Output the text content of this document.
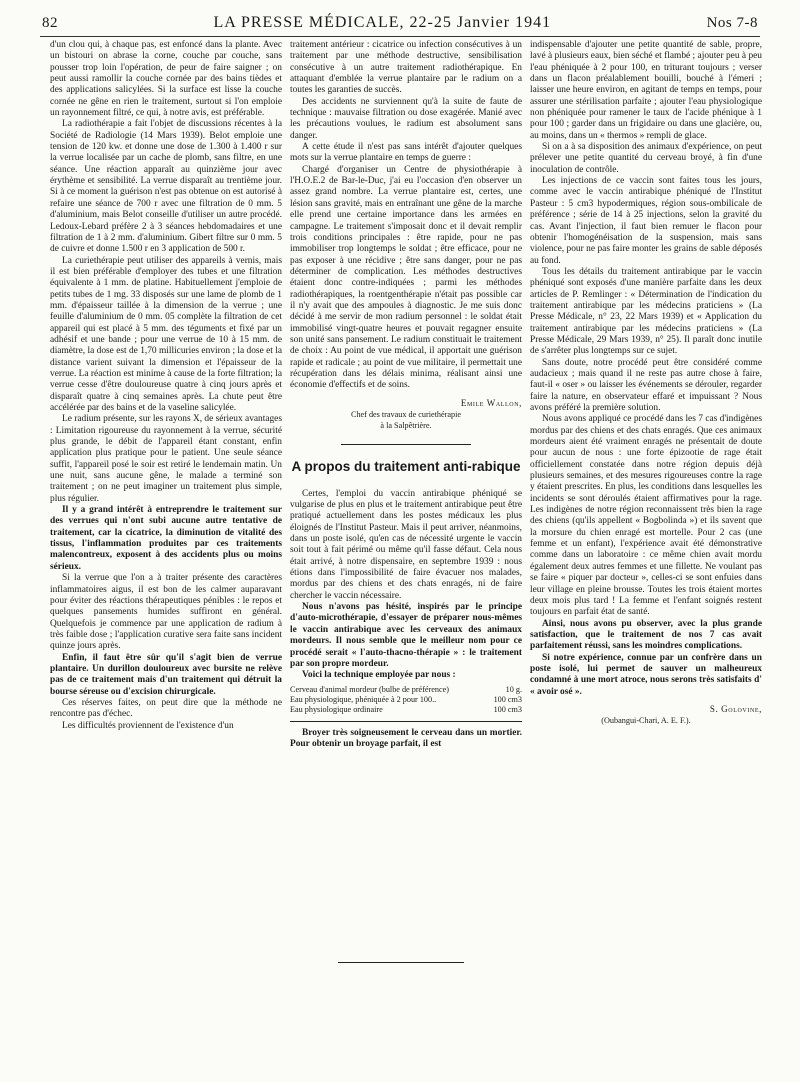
82	LA PRESSE MÉDICALE, 22-25 Janvier 1941	Nos 7-8

d'un clou qui, à chaque pas, est enfoncé dans la plante. Avec un bistouri on abrase la corne, couche par couche, sans pousser trop loin l'opération, de peur de faire saigner ; on peut aussi ramollir la couche cornée par des bains tièdes et des applications salicylées. Si la surface est lisse la couche cornée ne gêne en rien le traitement, surtout si l'on emploie un rayonnement filtré, ce qui, à notre avis, est préférable.

La radiothérapie a fait l'objet de discussions récentes à la Société de Radiologie (14 Mars 1939). Belot emploie une tension de 120 kw. et donne une dose de 1.300 à 1.400 r sur la verrue localisée par un cache de plomb, sans filtre, en une séance. Une réaction apparaît au quinzième jour avec érythème et sensibilité. La verrue disparaît au trentième jour. Si à ce moment la guérison n'est pas obtenue on est autorisé à refaire une séance de 700 r avec une filtration de 0 mm. 5 d'aluminium, mais Belot conseille d'utiliser un autre procédé. Ledoux-Lebard préfère 2 à 3 séances hebdomadaires et une filtration de 1 à 2 mm. d'aluminium. Gibert filtre sur 0 mm. 5 de cuivre et donne 1.500 r en 3 application de 500 r.

La curiethérapie peut utiliser des appareils à vernis, mais il est bien préférable d'employer des tubes et une filtration équivalente à 1 mm. de platine. Habituellement j'emploie de petits tubes de 1 mg. 33 disposés sur une lame de plomb de 1 mm. d'épaisseur taillée à la dimension de la verrue ; une feuille d'aluminium de 0 mm. 05 complète la filtration de cet appareil qui est placé à 5 mm. des téguments et fixé par un adhésif et une bande ; pour une verrue de 10 à 15 mm. de diamètre, la dose est de 1,70 millicuries environ ; la dose et la distance varient suivant la dimension et l'épaisseur de la verrue. La réaction est minime à cause de la forte filtration; la verrue cesse d'être douloureuse quatre à cinq jours après et disparaît quatre à cinq semaines après. La chute peut être accélérée par des bains et de la vaseline salicylée.

Le radium présente, sur les rayons X, de sérieux avantages : Limitation rigoureuse du rayonnement à la verrue, sécurité plus grande, le débit de l'appareil étant constant, enfin application plus pratique pour le patient. Une seule séance suffit, l'appareil posé le soir est retiré le lendemain matin. Un une nuit, sans aucune gêne, le malade a terminé son traitement ; on ne peut imaginer un traitement plus simple, plus régulier.

Il y a grand intérêt à entreprendre le traitement sur des verrues qui n'ont subi aucune autre tentative de traitement, car la cicatrice, la diminution de vitalité des tissus, l'inflammation produites par ces traitements malencontreux, exposent à des accidents plus ou moins sérieux.

Si la verrue que l'on a à traiter présente des caractères inflammatoires aigus, il est bon de les calmer auparavant pour éviter des réactions thérapeutiques pénibles : le repos et quelques pansements humides suffiront en général. Quelquefois je commence par une application de radium à très faible dose ; l'application curative sera faite sans incident quinze jours après.

Enfin, il faut être sûr qu'il s'agit bien de verrue plantaire. Un durillon douloureux avec bursite ne relève pas de ce traitement mais d'un traitement qui détruit la bourse séreuse ou d'excision chirurgicale.

Ces réserves faites, on peut dire que la méthode ne rencontre pas d'échec.

Les difficultés proviennent de l'existence d'un

traitement antérieur : cicatrice ou infection consécutives à un traitement par une méthode destructive, sensibilisation consécutive à un autre traitement radiothérapique. En attaquant d'emblée la verrue plantaire par le radium on a toutes les garanties de succès.

Des accidents ne surviennent qu'à la suite de faute de technique : mauvaise filtration ou dose exagérée. Manié avec les précautions voulues, le radium est absolument sans danger.

A cette étude il n'est pas sans intérêt d'ajouter quelques mots sur la verrue plantaire en temps de guerre :

Chargé d'organiser un Centre de physiothérapie à l'H.O.E.2 de Bar-le-Duc, j'ai eu l'occasion d'en observer un assez grand nombre. La verrue plantaire est, certes, une lésion sans gravité, mais en entraînant une gêne de la marche elle prend une certaine importance dans les armées en campagne. Le traitement s'imposait donc et il devait remplir trois conditions principales : être rapide, pour ne pas immobiliser trop longtemps le soldat ; être efficace, pour ne pas exposer à une récidive ; être sans danger, pour ne pas déterminer de complication. Les méthodes destructives étaient donc contre-indiquées ; parmi les méthodes radiothérapiques, la roentgenthérapie n'était pas possible car il n'y avait que des ampoules à diagnostic. Je me suis donc décidé à me servir de mon radium personnel : le soldat était immobilisé vingt-quatre heures et pouvait regagner ensuite son unité sans pansement. Le radium constituait le traitement de choix : Au point de vue médical, il apportait une guérison rapide et radicale ; au point de vue militaire, il permettait une récupération dans les délais minima, réalisant ainsi une économie d'effectifs et de soins.

Emile Wallon,
Chef des travaux de curiethérapie
à la Salpêtrière.
A propos du traitement anti-rabique

Certes, l'emploi du vaccin antirabique phéniqué se vulgarise de plus en plus et le traitement antirabique peut être pratiqué actuellement dans les postes médicaux les plus éloignés de l'Institut Pasteur. Mais il peut arriver, néanmoins, dans un poste isolé, qu'en cas de nécessité urgente le vaccin soit tout à fait périmé ou même qu'il fasse défaut. Cela nous était arrivé, à notre dispensaire, en septembre 1939 : nous étions dans l'impossibilité de faire évacuer nos malades, mordus par des chiens et des chats enragés, ni de faire chercher le vaccin nécessaire.

Nous n'avons pas hésité, inspirés par le principe d'auto-microthérapie, d'essayer de préparer nous-mêmes le vaccin antirabique avec les cerveaux des animaux mordeurs. Il nous semble que le meilleur nom pour ce procédé serait « l'auto-thacno-thérapie » : le traitement par son propre mordeur.

Voici la technique employée par nous :

Cerveau d'animal mordeur (bulbe de préférence)	10 g.
Eau physiologique, phéniquée à 2 pour 100..	100 cm3
Eau physiologique ordinaire	100 cm3

Broyer très soigneusement le cerveau dans un mortier. Pour obtenir un broyage parfait, il est

indispensable d'ajouter une petite quantité de sable, propre, lavé à plusieurs eaux, bien séché et flambé ; ajouter peu à peu l'eau phéniquée à 2 pour 100, en triturant toujours ; verser dans un flacon préalablement bouilli, bouché à l'émeri ; laisser une heure environ, en agitant de temps en temps, pour assurer une stérilisation parfaite ; ajouter l'eau physiologique non phéniquée pour ramener le taux de l'acide phénique à 1 pour 100 ; garder dans un frigidaire ou dans une glacière, ou, au moins, dans un « thermos » rempli de glace.

Si on a à sa disposition des animaux d'expérience, on peut prélever une petite quantité du cerveau broyé, à fin d'une inoculation de contrôle.

Les injections de ce vaccin sont faites tous les jours, comme avec le vaccin antirabique phéniqué de l'Institut Pasteur : 5 cm3 hypodermiques, région sous-ombilicale de préférence ; série de 14 à 25 injections, selon la gravité du cas. Avant l'injection, il faut bien remuer le flacon pour obtenir l'homogénéisation de la suspension, mais sans violence, pour ne pas faire monter les grains de sable déposés au fond.

Tous les détails du traitement antirabique par le vaccin phéniqué sont exposés d'une manière parfaite dans les deux articles de P. Remlinger : « Détermination de l'indication du traitement antirabique par les médecins praticiens » (La Presse Médicale, n° 23, 22 Mars 1939) et « Application du traitement antirabique par les médecins praticiens » (La Presse Médicale, 29 Mars 1939, n° 25). Il paraît donc inutile de s'arrêter plus longtemps sur ce sujet.

Sans doute, notre procédé peut être considéré comme audacieux ; mais quand il ne reste pas autre chose à faire, faut-il « oser » ou laisser les événements se dérouler, regarder faire la nature, en observateur effaré et impuissant ? Nous avons préféré la première solution.

Nous avons appliqué ce procédé dans les 7 cas d'indigènes mordus par des chiens et des chats enragés. Que ces animaux mordeurs aient été vraiment enragés ne présentait de doute pour aucun de nous : une forte épizootie de rage était officiellement constatée dans notre région depuis déjà plusieurs semaines, et des mesures rigoureuses contre la rage y étaient prescrites. En plus, les conditions dans lesquelles les incidents se sont déroulés étaient affirmatives pour la rage. Les indigènes de notre région reconnaissent très bien la rage des chiens (qu'ils appellent « Bogbolinda ») et ils savent que la morsure du chien enragé est mortelle. Pour 2 cas (une femme et un enfant), l'expérience avait été démonstrative comme dans un laboratoire : ce même chien avait mordu également deux autres femmes et une fillette. Ne voulant pas se faire « piquer par docteur », celles-ci se sont enfuies dans leur village en pleine brousse. Toutes les trois étaient mortes deux mois plus tard ! La femme et l'enfant soignés restent toujours en parfait état de santé.

Ainsi, nous avons pu observer, avec la plus grande satisfaction, que le traitement de nos 7 cas avait parfaitement réussi, sans les moindres complications.

Si notre expérience, connue par un confrère dans un poste isolé, lui permet de sauver un malheureux condamné à une mort atroce, nous serons très satisfaits d' « avoir osé ».

S. Golovine,
(Oubangui-Chari, A. E. F.).
